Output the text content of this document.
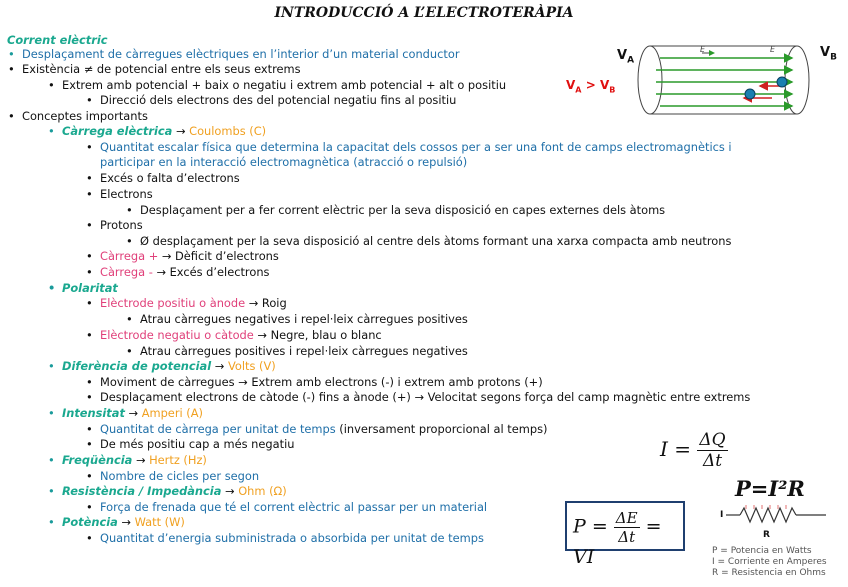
INTRODUCCIÓ A L’ELECTROTERÀPIA
Corrent elèctric
• Desplaçament de càrregues elèctriques en l’interior d’un material conductor
• Existència ≠ de potencial entre els seus extrems
• Extrem amb potencial + baix o negatiu i extrem amb potencial + alt o positiu
• Direcció dels electrons des del potencial negatiu fins al positiu
• Conceptes importants
• Càrrega elèctrica → Coulombs (C)
• Quantitat escalar física que determina la capacitat dels cossos per a ser una font de camps electromagnètics i
participar en la interacció electromagnètica (atracció o repulsió)
• Excés o falta d’electrons
• Electrons
• Desplaçament per a fer corrent elèctric per la seva disposició en capes externes dels àtoms
• Protons
• Ø desplaçament per la seva disposició al centre dels àtoms formant una xarxa compacta amb neutrons
• Càrrega + → Dèficit d’electrons
• Càrrega - → Excés d’electrons
• Polaritat
• Elèctrode positiu o ànode → Roig
• Atrau càrregues negatives i repel·leix càrregues positives
• Elèctrode negatiu o càtode → Negre, blau o blanc
• Atrau càrregues positives i repel·leix càrregues negatives
• Diferència de potencial → Volts (V)
• Moviment de càrregues → Extrem amb electrons (-) i extrem amb protons (+)
• Desplaçament electrons de càtode (-) fins a ànode (+) → Velocitat segons força del camp magnètic entre extrems
• Intensitat → Amperi (A)
• Quantitat de càrrega per unitat de temps (inversament proporcional al temps)
• De més positiu cap a més negatiu
• Freqüència → Hertz (Hz)
• Nombre de cicles per segon
• Resistència / Impedància → Ohm (Ω)
• Força de frenada que té el corrent elèctric al passar per un material
• Potència → Watt (W)
• Quantitat d’energia subministrada o absorbida per unitat de temps
$V_A$
$V_B$
$V_A > V_B$
E	E
$I = \frac{\Delta Q}{\Delta t}$
$P = \frac{\Delta E}{\Delta t}$ = VI
P=I²R
I
R
P = Potencia en Watts
I = Corriente en Amperes
R = Resistencia en Ohms
